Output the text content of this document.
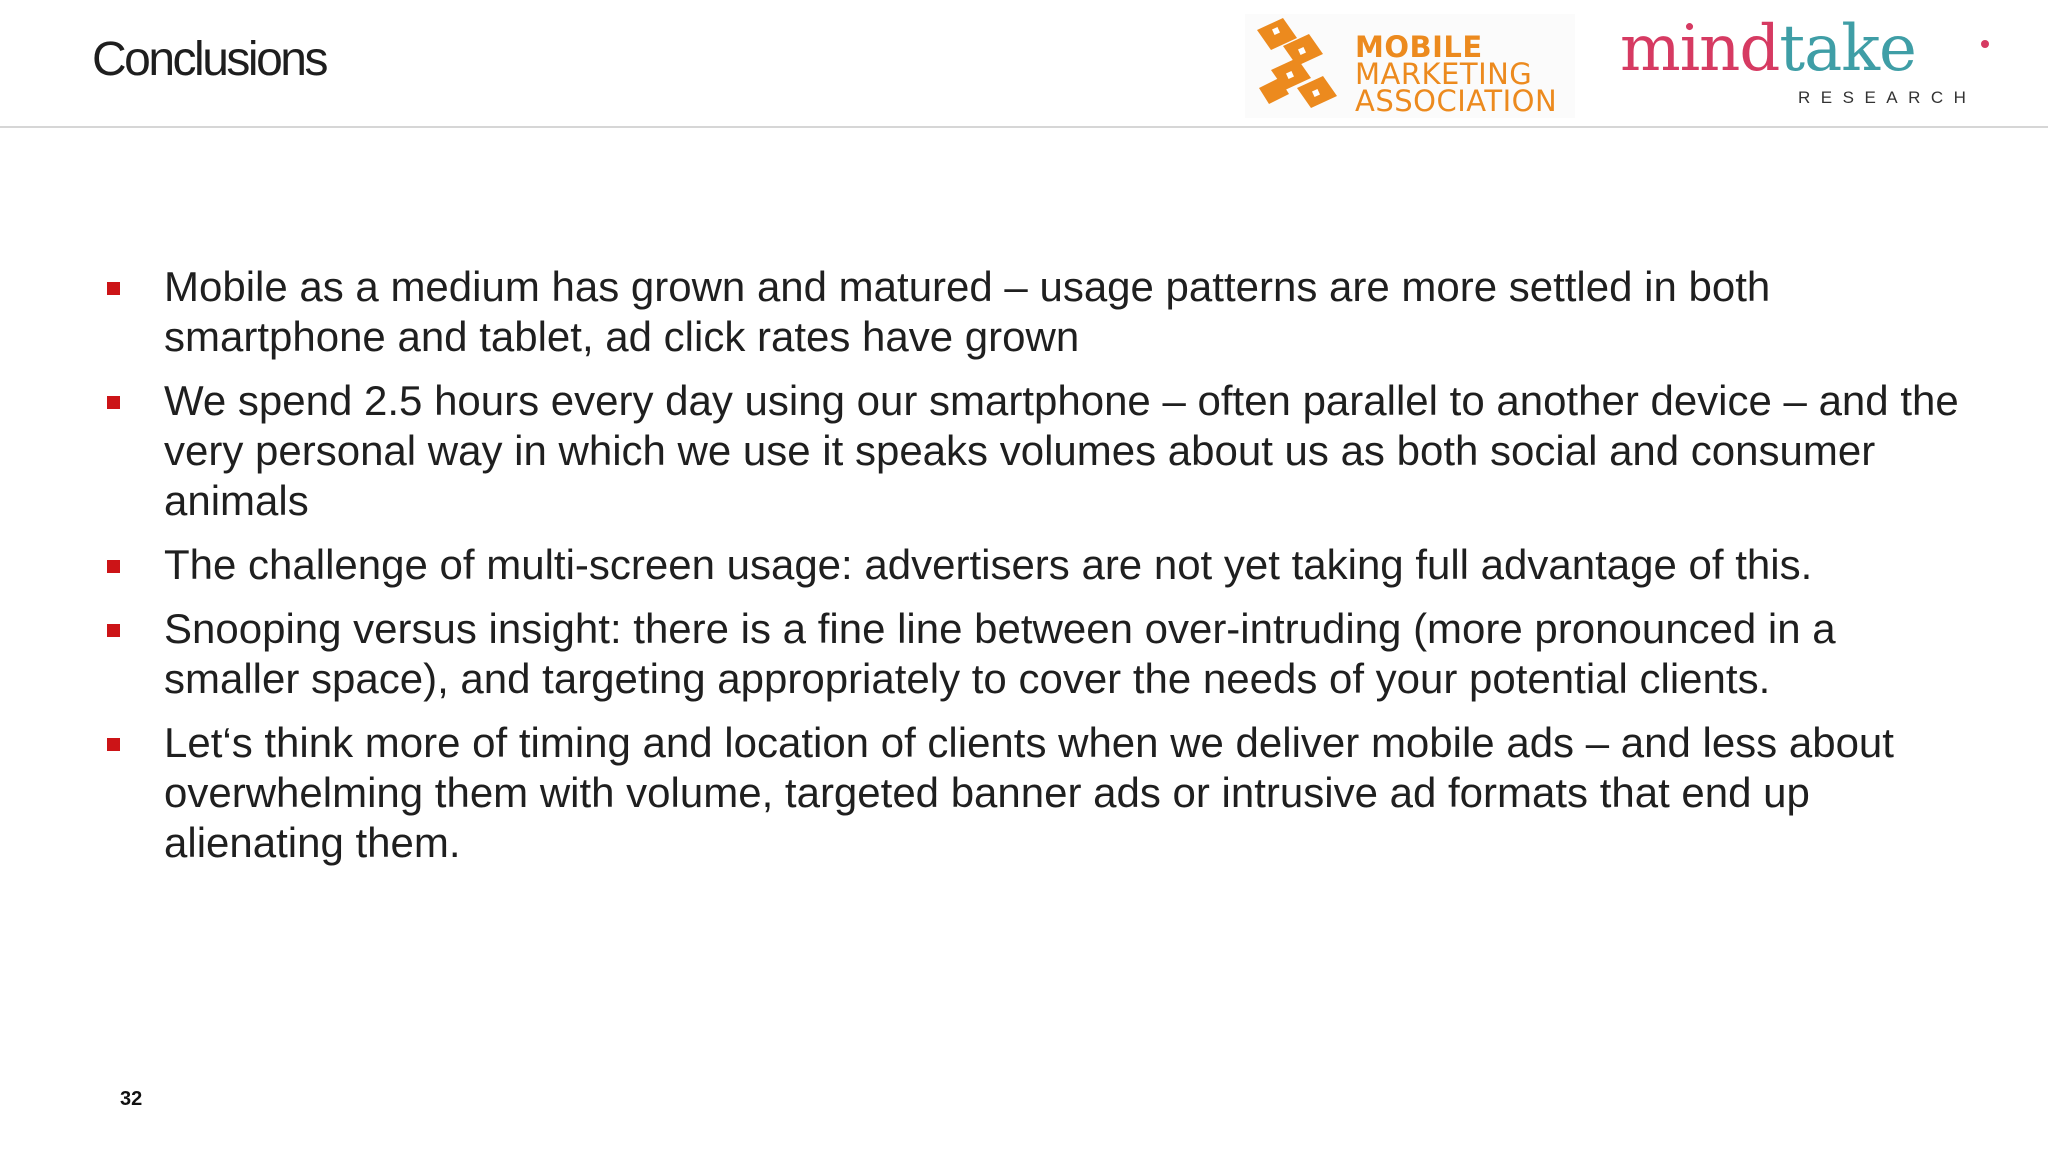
Conclusions	MOBILE
MARKETING
ASSOCIATION
mindtake
RESEARCH
Mobile as a medium has grown and matured – usage patterns are more settled in both smartphone and tablet, ad click rates have grown
We spend 2.5 hours every day using our smartphone – often parallel to another device – and the very personal way in which we use it speaks volumes about us as both social and consumer animals
The challenge of multi-screen usage: advertisers are not yet taking full advantage of this.
Snooping versus insight: there is a fine line between over-intruding (more pronounced in a smaller space), and targeting appropriately to cover the needs of your potential clients.
Let‘s think more of timing and location of clients when we deliver mobile ads – and less about overwhelming them with volume, targeted banner ads or intrusive ad formats that end up alienating them.
32
